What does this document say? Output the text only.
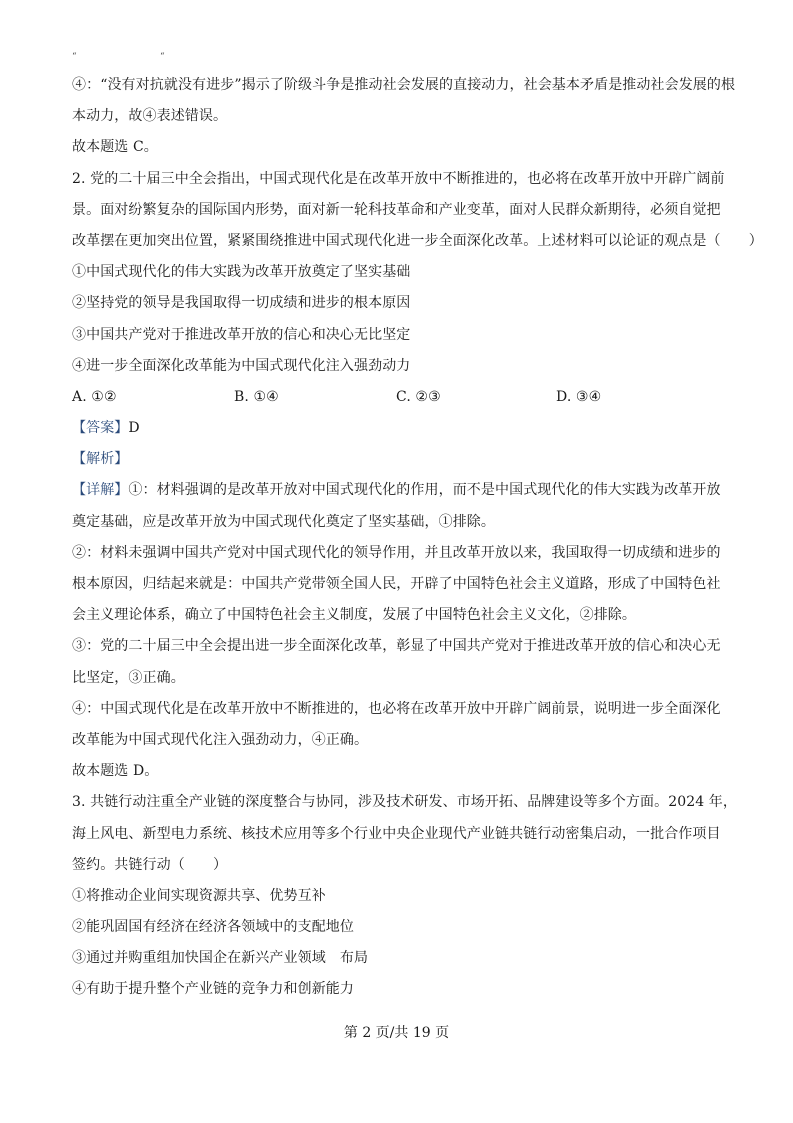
“	“
④：“没有对抗就没有进步”揭示了阶级斗争是推动社会发展的直接动力，社会基本矛盾是推动社会发展的根
本动力，故④表述错误。
故本题选 C。
2. 党的二十届三中全会指出，中国式现代化是在改革开放中不断推进的，也必将在改革开放中开辟广阔前
景。面对纷繁复杂的国际国内形势，面对新一轮科技革命和产业变革，面对人民群众新期待，必须自觉把
改革摆在更加突出位置，紧紧围绕推进中国式现代化进一步全面深化改革。上述材料可以论证的观点是（　　）
①中国式现代化的伟大实践为改革开放奠定了坚实基础
②坚持党的领导是我国取得一切成绩和进步的根本原因
③中国共产党对于推进改革开放的信心和决心无比坚定
④进一步全面深化改革能为中国式现代化注入强劲动力
A. ①②	B. ①④	C. ②③	D. ③④
【答案】D
【解析】
【详解】①：材料强调的是改革开放对中国式现代化的作用，而不是中国式现代化的伟大实践为改革开放
奠定基础，应是改革开放为中国式现代化奠定了坚实基础，①排除。
②：材料未强调中国共产党对中国式现代化的领导作用，并且改革开放以来，我国取得一切成绩和进步的
根本原因，归结起来就是：中国共产党带领全国人民，开辟了中国特色社会主义道路，形成了中国特色社
会主义理论体系，确立了中国特色社会主义制度，发展了中国特色社会主义文化，②排除。
③：党的二十届三中全会提出进一步全面深化改革，彰显了中国共产党对于推进改革开放的信心和决心无
比坚定，③正确。
④：中国式现代化是在改革开放中不断推进的，也必将在改革开放中开辟广阔前景，说明进一步全面深化
改革能为中国式现代化注入强劲动力，④正确。
故本题选 D。
3. 共链行动注重全产业链的深度整合与协同，涉及技术研发、市场开拓、品牌建设等多个方面。2024 年，
海上风电、新型电力系统、核技术应用等多个行业中央企业现代产业链共链行动密集启动，一批合作项目
签约。共链行动（　　）
①将推动企业间实现资源共享、优势互补
②能巩固国有经济在经济各领域中的支配地位
③通过并购重组加快国企在新兴产业领域　布局
④有助于提升整个产业链的竞争力和创新能力
第 2 页/共 19 页
